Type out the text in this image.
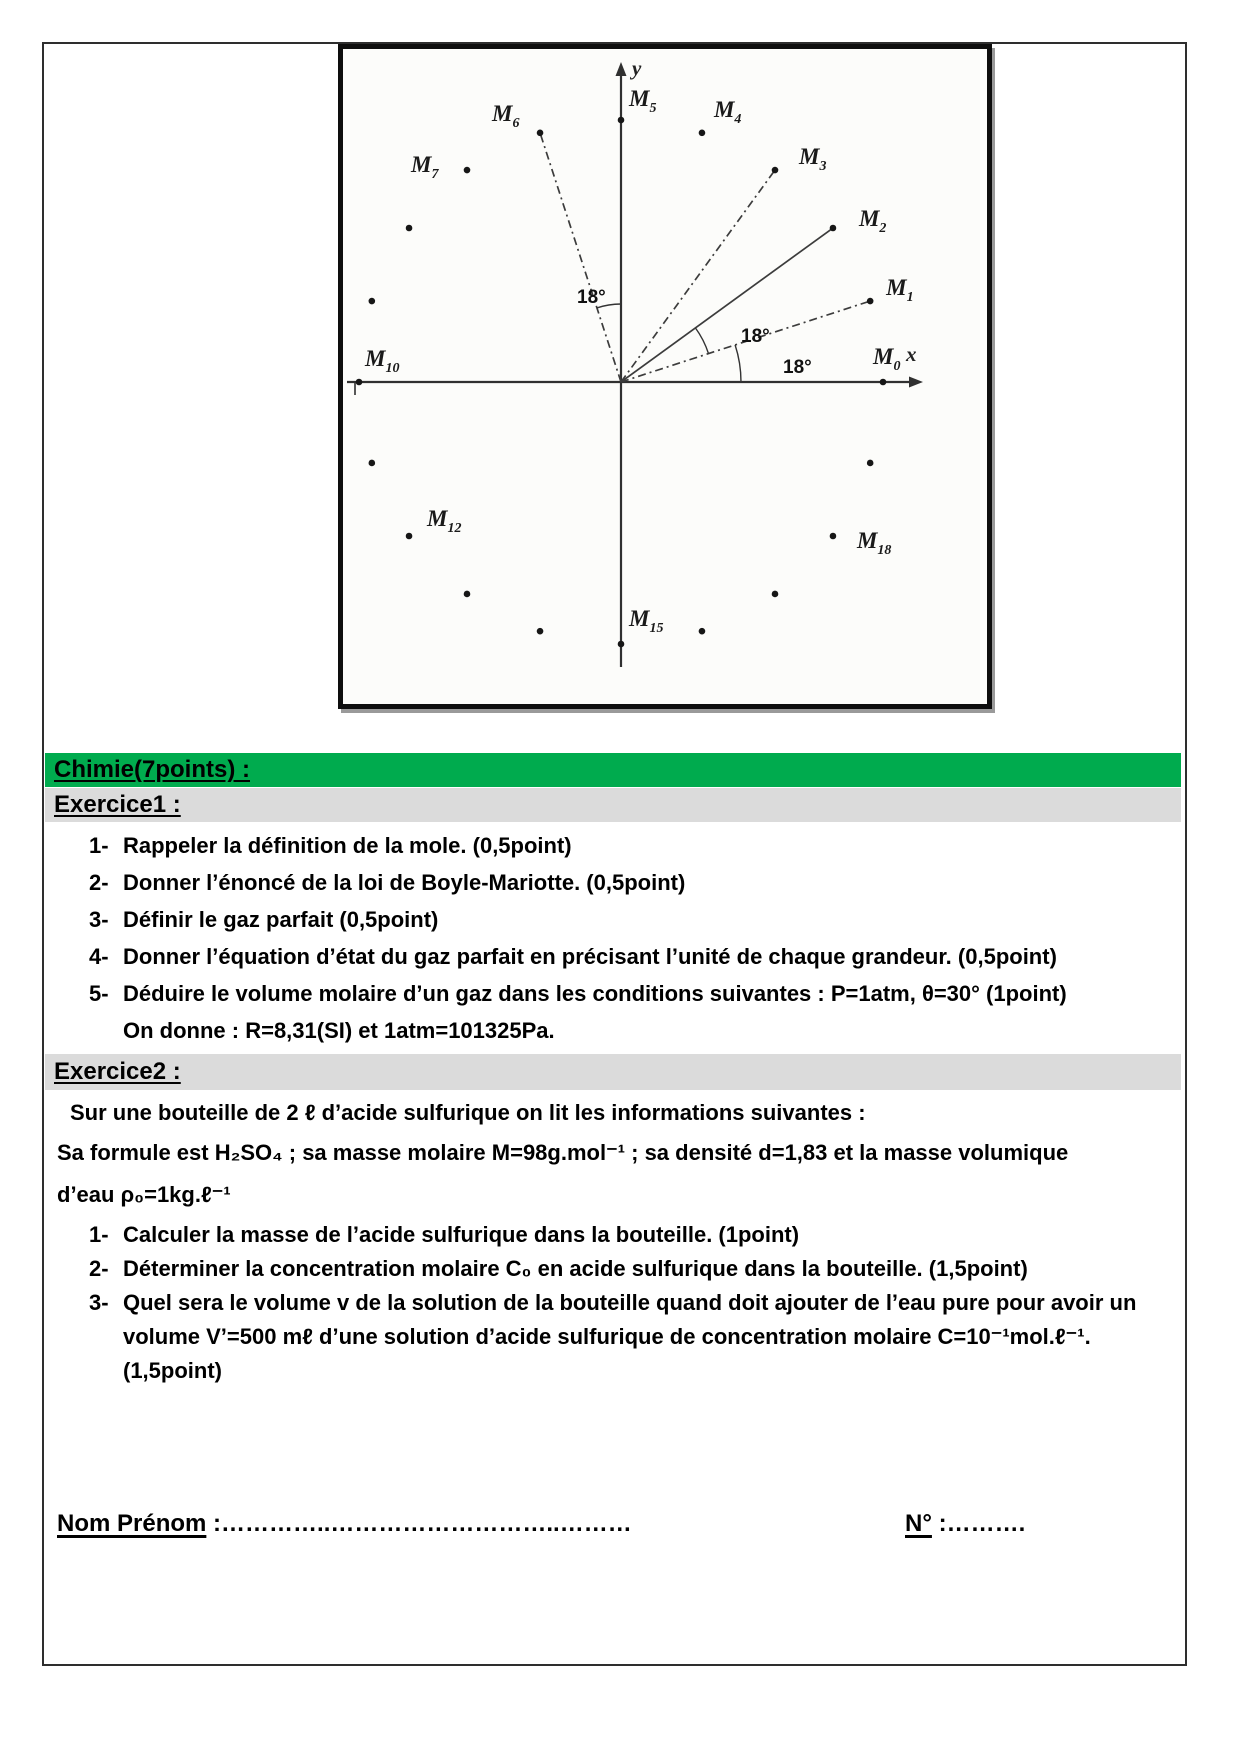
x
y
18°
18°
18°
$M_0$
$M_1$
$M_2$
$M_3$
$M_4$
$M_5$
$M_6$
$M_7$
$M_{10}$
$M_{12}$
$M_{15}$
$M_{18}$
Chimie(7points) :
Exercice1 :
1- Rappeler la définition de la mole. (0,5point)
2- Donner l’énoncé de la loi de Boyle-Mariotte. (0,5point)
3- Définir le gaz parfait (0,5point)
4- Donner l’équation d’état du gaz parfait en précisant l’unité de chaque grandeur. (0,5point)
5- Déduire le volume molaire d’un gaz dans les conditions suivantes : P=1atm, θ=30° (1point)
On donne : R=8,31(SI) et 1atm=101325Pa.
Exercice2 :
Sur une bouteille de 2 ℓ d’acide sulfurique on lit les informations suivantes :
Sa formule est H₂SO₄ ; sa masse molaire M=98g.mol⁻¹ ; sa densité d=1,83 et la masse volumique d’eau ρ₀=1kg.ℓ⁻¹
1- Calculer la masse de l’acide sulfurique dans la bouteille. (1point)
2- Déterminer la concentration molaire C₀ en acide sulfurique dans la bouteille. (1,5point)
3- Quel sera le volume v de la solution de la bouteille quand doit ajouter de l’eau pure pour avoir un volume V’=500 mℓ d’une solution d’acide sulfurique de concentration molaire C=10⁻¹mol.ℓ⁻¹. (1,5point)
Nom Prénom :…………..………………………..………	N° :……….
